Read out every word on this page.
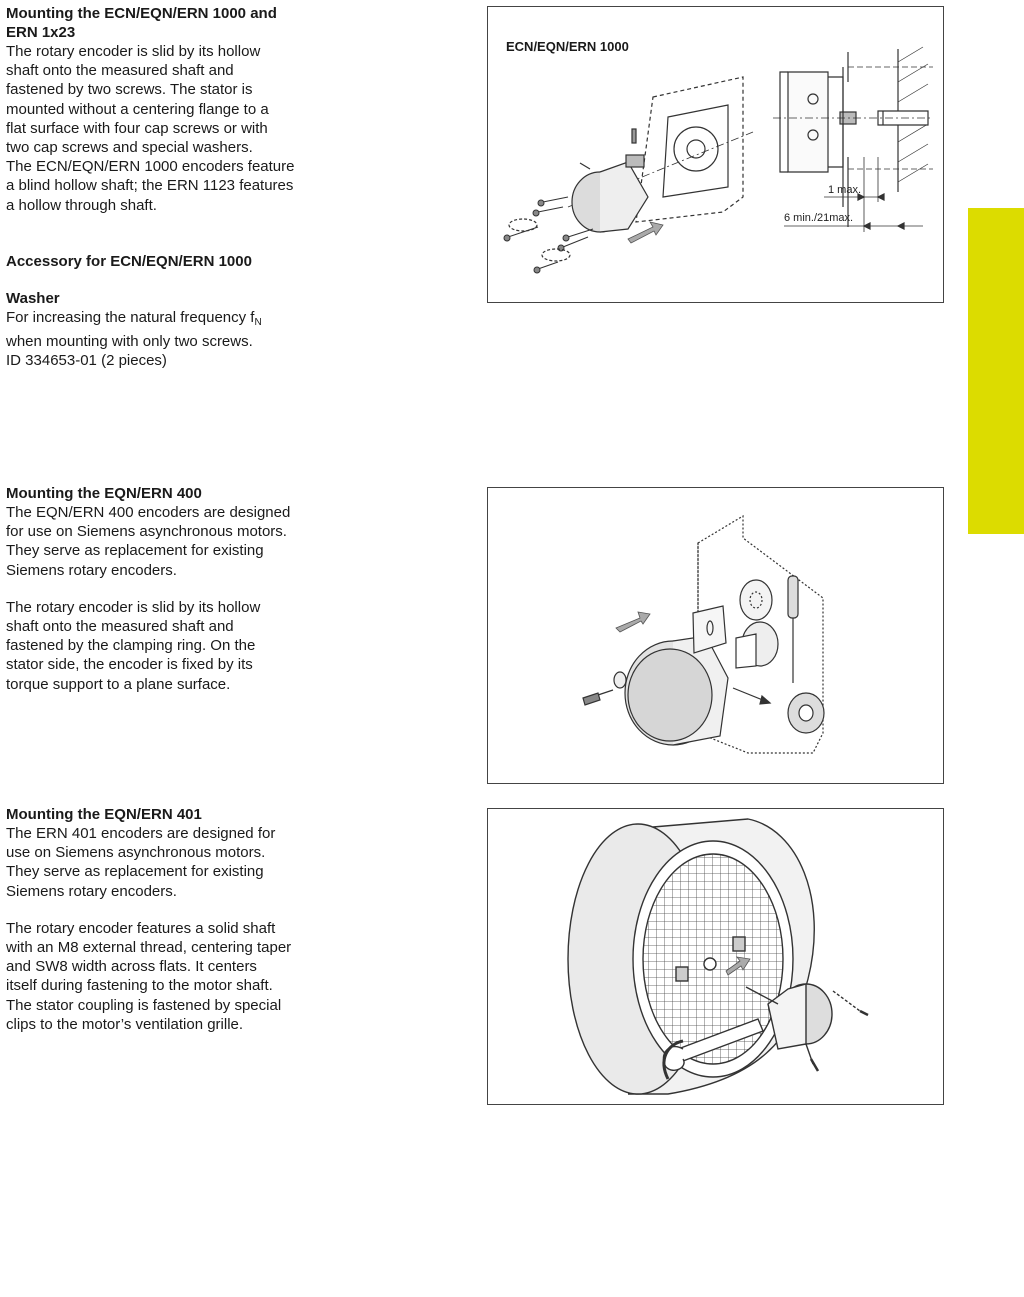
Mounting the ECN/EQN/ERN 1000 and

ERN 1x23

The rotary encoder is slid by its hollow

shaft onto the measured shaft and

fastened by two screws. The stator is

mounted without a centering flange to a

flat surface with four cap screws or with

two cap screws and special washers.

The ECN/EQN/ERN 1000 encoders feature

a blind hollow shaft; the ERN 1123 features

a hollow through shaft.

Accessory for ECN/EQN/ERN 1000

Washer

For increasing the natural frequency $f_N$

when mounting with only two screws.

ID 334653-01 (2 pieces)

Mounting the EQN/ERN 400

The EQN/ERN 400 encoders are designed

for use on Siemens asynchronous motors.

They serve as replacement for existing

Siemens rotary encoders.

The rotary encoder is slid by its hollow

shaft onto the measured shaft and

fastened by the clamping ring. On the

stator side, the encoder is fixed by its

torque support to a plane surface.

Mounting the EQN/ERN 401

The ERN 401 encoders are designed for

use on Siemens asynchronous motors.

They serve as replacement for existing

Siemens rotary encoders.

The rotary encoder features a solid shaft

with an M8 external thread, centering taper

and SW8 width across flats. It centers

itself during fastening to the motor shaft.

The stator coupling is fastened by special

clips to the motor’s ventilation grille.

ECN/EQN/ERN 1000
1 max.
6 min./21max.
